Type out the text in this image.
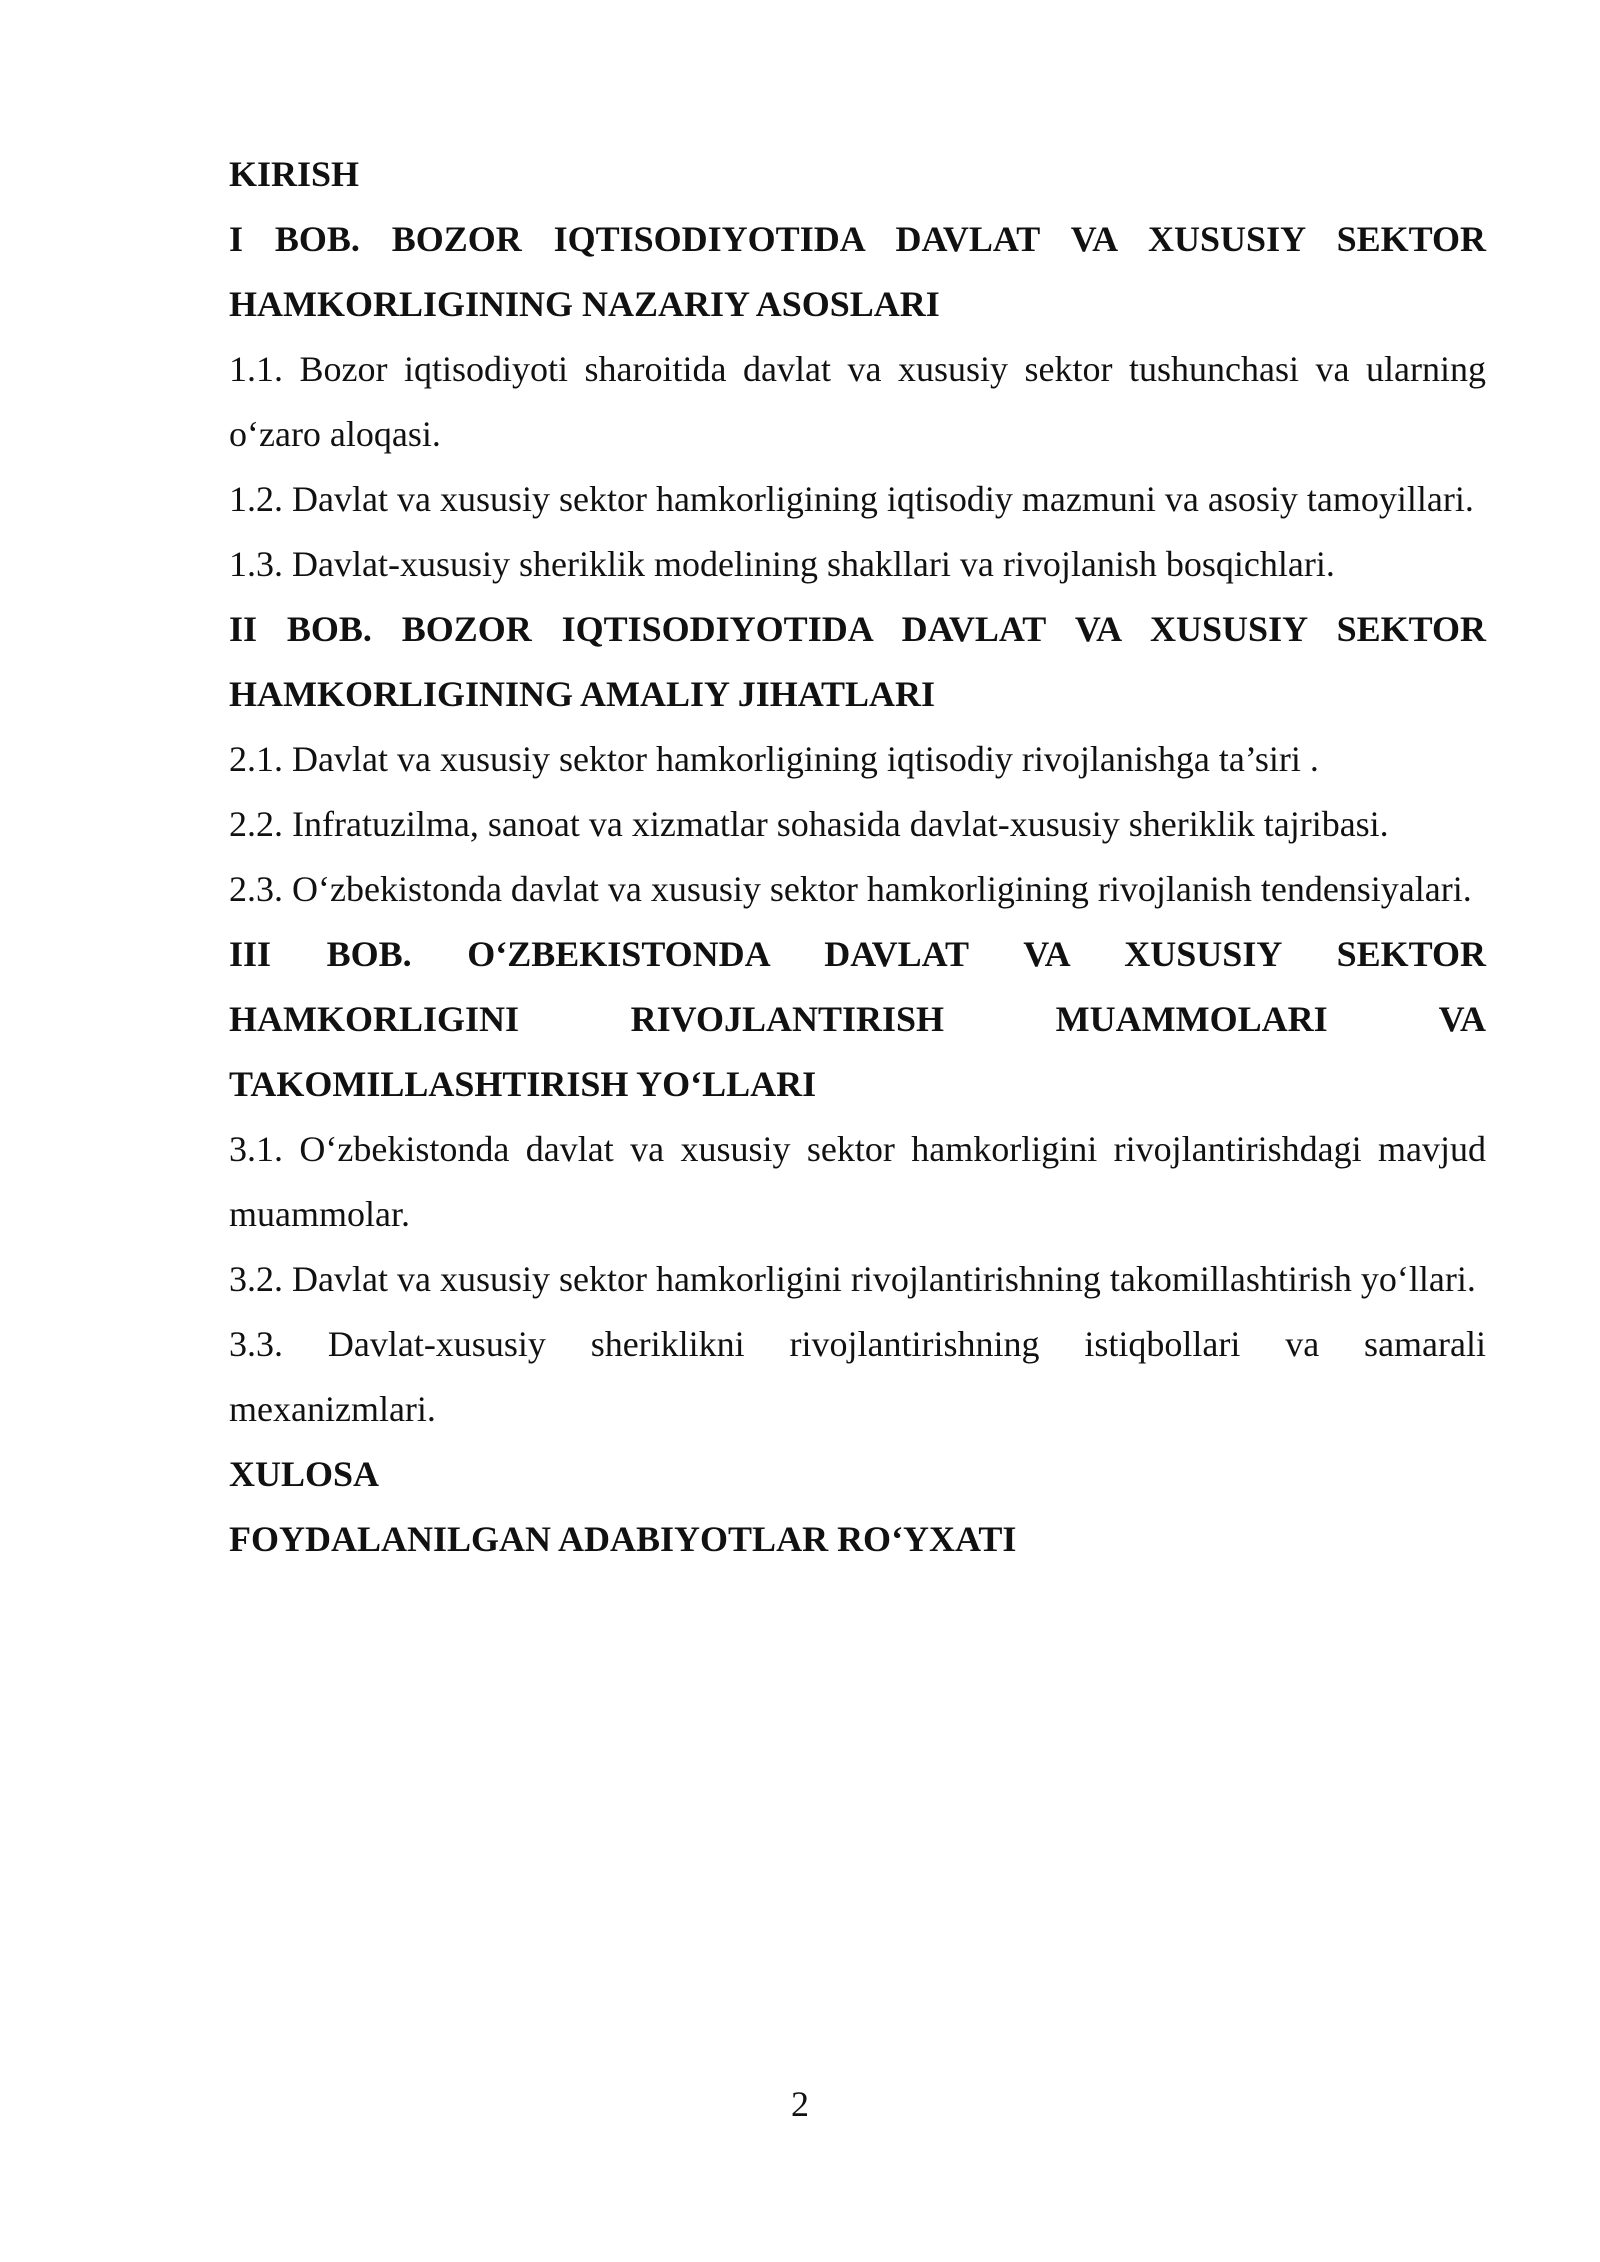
KIRISH

I BOB. BOZOR IQTISODIYOTIDA DAVLAT VA XUSUSIY SEKTOR HAMKORLIGINING NAZARIY ASOSLARI

1.1. Bozor iqtisodiyoti sharoitida davlat va xususiy sektor tushunchasi va ularning o‘zaro aloqasi.

1.2. Davlat va xususiy sektor hamkorligining iqtisodiy mazmuni va asosiy tamoyillari.

1.3. Davlat-xususiy sheriklik modelining shakllari va rivojlanish bosqichlari.

II BOB. BOZOR IQTISODIYOTIDA DAVLAT VA XUSUSIY SEKTOR HAMKORLIGINING AMALIY JIHATLARI

2.1. Davlat va xususiy sektor hamkorligining iqtisodiy rivojlanishga ta’siri .

2.2. Infratuzilma, sanoat va xizmatlar sohasida davlat-xususiy sheriklik tajribasi.

2.3. O‘zbekistonda davlat va xususiy sektor hamkorligining rivojlanish tendensiyalari.

III BOB. O‘ZBEKISTONDA DAVLAT VA XUSUSIY SEKTOR HAMKORLIGINI RIVOJLANTIRISH MUAMMOLARI VA TAKOMILLASHTIRISH YO‘LLARI

3.1. O‘zbekistonda davlat va xususiy sektor hamkorligini rivojlantirishdagi mavjud muammolar.

3.2. Davlat va xususiy sektor hamkorligini rivojlantirishning takomillashtirish yo‘llari.

3.3. Davlat-xususiy sheriklikni rivojlantirishning istiqbollari va samarali mexanizmlari.

XULOSA

FOYDALANILGAN ADABIYOTLAR RO‘YXATI

2
